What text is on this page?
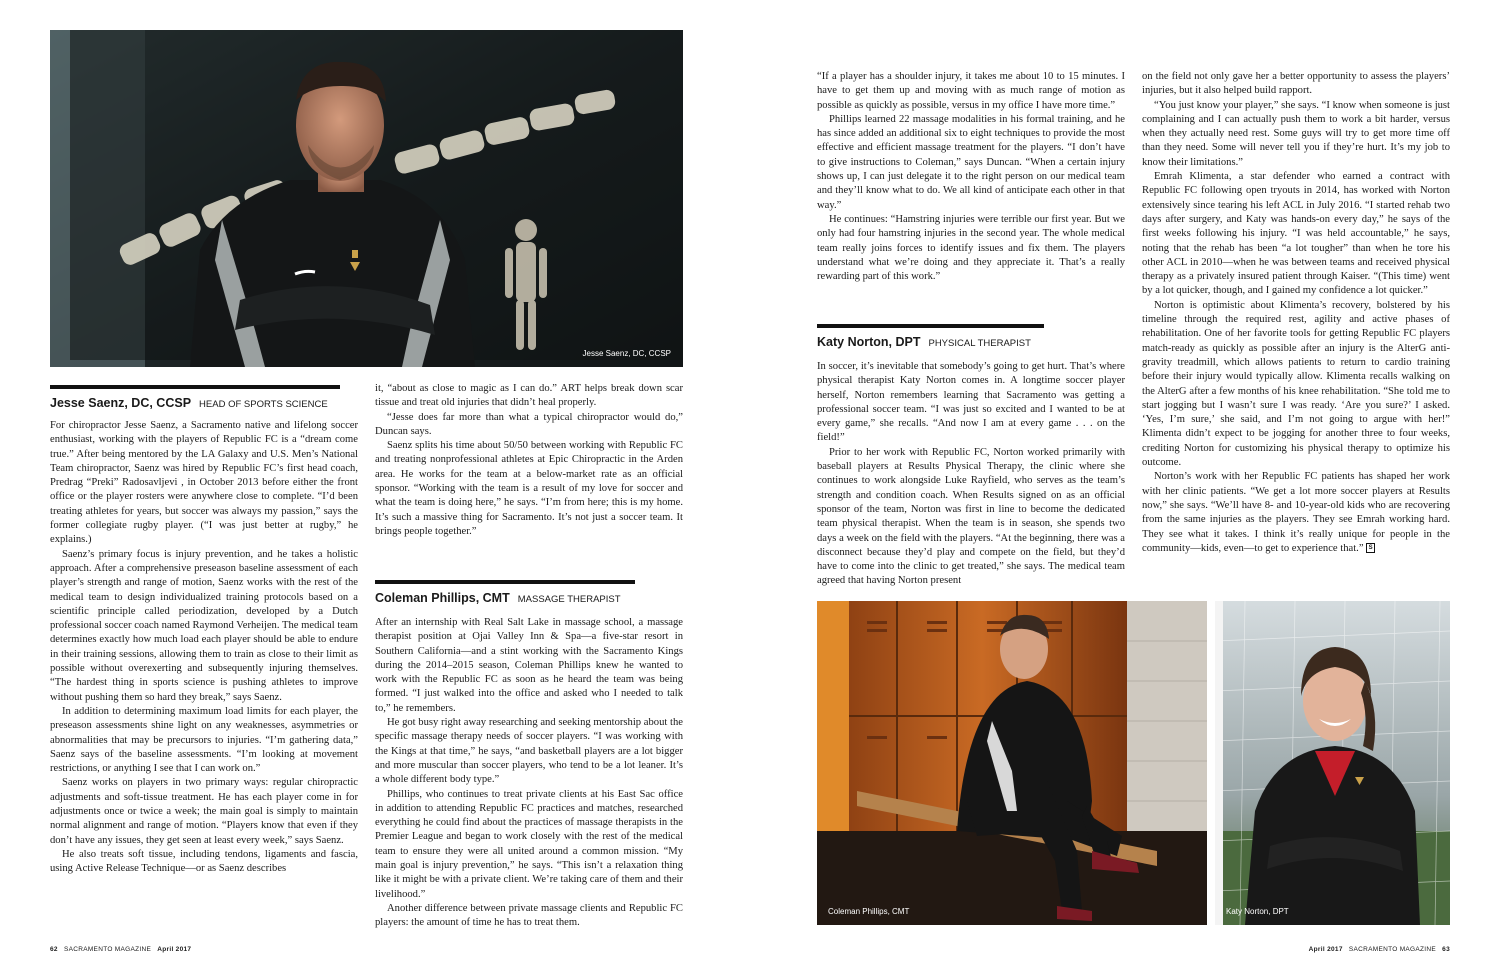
Jesse Saenz, DC, CCSP
Coleman Phillips, CMT	Katy Norton, DPT
Jesse Saenz, DC, CCSP HEAD OF SPORTS SCIENCE
Coleman Phillips, CMT MASSAGE THERAPIST
Katy Norton, DPT PHYSICAL THERAPIST

For chiropractor Jesse Saenz, a Sacramento native and lifelong soccer enthusiast, working with the players of Republic FC is a “dream come true.” After being mentored by the LA Galaxy and U.S. Men’s National Team chiropractor, Saenz was hired by Republic FC’s first head coach, Predrag “Preki” Radosavljevi , in October 2013 before either the front office or the player rosters were anywhere close to complete. “I’d been treating athletes for years, but soccer was always my passion,” says the former collegiate rugby player. (“I was just better at rugby,” he explains.)

Saenz’s primary focus is injury prevention, and he takes a holistic approach. After a comprehensive preseason baseline assessment of each player’s strength and range of motion, Saenz works with the rest of the medical team to design individualized training protocols based on a scientific principle called periodization, developed by a Dutch professional soccer coach named Raymond Verheijen. The medical team determines exactly how much load each player should be able to endure in their training sessions, allowing them to train as close to their limit as possible without overexerting and subsequently injuring themselves. “The hardest thing in sports science is pushing athletes to improve without pushing them so hard they break,” says Saenz.

In addition to determining maximum load limits for each player, the preseason assessments shine light on any weaknesses, asymmetries or abnormalities that may be precursors to injuries. “I’m gathering data,” Saenz says of the baseline assessments. “I’m looking at movement restrictions, or anything I see that I can work on.”

Saenz works on players in two primary ways: regular chiropractic adjustments and soft-tissue treatment. He has each player come in for adjustments once or twice a week; the main goal is simply to maintain normal alignment and range of motion. “Players know that even if they don’t have any issues, they get seen at least every week,” says Saenz.

He also treats soft tissue, including tendons, ligaments and fascia, using Active Release Technique—or as Saenz describes

it, “about as close to magic as I can do.” ART helps break down scar tissue and treat old injuries that didn’t heal properly.

“Jesse does far more than what a typical chiropractor would do,” Duncan says.

Saenz splits his time about 50/50 between working with Republic FC and treating nonprofessional athletes at Epic Chiropractic in the Arden area. He works for the team at a below-market rate as an official sponsor. “Working with the team is a result of my love for soccer and what the team is doing here,” he says. “I’m from here; this is my home. It’s such a massive thing for Sacramento. It’s not just a soccer team. It brings people together.”

After an internship with Real Salt Lake in massage school, a massage therapist position at Ojai Valley Inn & Spa—a five-star resort in Southern California—and a stint working with the Sacramento Kings during the 2014–2015 season, Coleman Phillips knew he wanted to work with the Republic FC as soon as he heard the team was being formed. “I just walked into the office and asked who I needed to talk to,” he remembers.

He got busy right away researching and seeking mentorship about the specific massage therapy needs of soccer players. “I was working with the Kings at that time,” he says, “and basketball players are a lot bigger and more muscular than soccer players, who tend to be a lot leaner. It’s a whole different body type.”

Phillips, who continues to treat private clients at his East Sac office in addition to attending Republic FC practices and matches, researched everything he could find about the practices of massage therapists in the Premier League and began to work closely with the rest of the medical team to ensure they were all united around a common mission. “My main goal is injury prevention,” he says. “This isn’t a relaxation thing like it might be with a private client. We’re taking care of them and their livelihood.”

Another difference between private massage clients and Republic FC players: the amount of time he has to treat them.

“If a player has a shoulder injury, it takes me about 10 to 15 minutes. I have to get them up and moving with as much range of motion as possible as quickly as possible, versus in my office I have more time.”

Phillips learned 22 massage modalities in his formal training, and he has since added an additional six to eight techniques to provide the most effective and efficient massage treatment for the players. “I don’t have to give instructions to Coleman,” says Duncan. “When a certain injury shows up, I can just delegate it to the right person on our medical team and they’ll know what to do. We all kind of anticipate each other in that way.”

He continues: “Hamstring injuries were terrible our first year. But we only had four hamstring injuries in the second year. The whole medical team really joins forces to identify issues and fix them. The players understand what we’re doing and they appreciate it. That’s a really rewarding part of this work.”

In soccer, it’s inevitable that somebody’s going to get hurt. That’s where physical therapist Katy Norton comes in. A longtime soccer player herself, Norton remembers learning that Sacramento was getting a professional soccer team. “I was just so excited and I wanted to be at every game,” she recalls. “And now I am at every game . . . on the field!”

Prior to her work with Republic FC, Norton worked primarily with baseball players at Results Physical Therapy, the clinic where she continues to work alongside Luke Rayfield, who serves as the team’s strength and condition coach. When Results signed on as an official sponsor of the team, Norton was first in line to become the dedicated team physical therapist. When the team is in season, she spends two days a week on the field with the players. “At the beginning, there was a disconnect because they’d play and compete on the field, but they’d have to come into the clinic to get treated,” she says. The medical team agreed that having Norton present

on the field not only gave her a better opportunity to assess the players’ injuries, but it also helped build rapport.

“You just know your player,” she says. “I know when someone is just complaining and I can actually push them to work a bit harder, versus when they actually need rest. Some guys will try to get more time off than they need. Some will never tell you if they’re hurt. It’s my job to know their limitations.”

Emrah Klimenta, a star defender who earned a contract with Republic FC following open tryouts in 2014, has worked with Norton extensively since tearing his left ACL in July 2016. “I started rehab two days after surgery, and Katy was hands-on every day,” he says of the first weeks following his injury. “I was held accountable,” he says, noting that the rehab has been “a lot tougher” than when he tore his other ACL in 2010—when he was between teams and received physical therapy as a privately insured patient through Kaiser. “(This time) went by a lot quicker, though, and I gained my confidence a lot quicker.”

Norton is optimistic about Klimenta’s recovery, bolstered by his timeline through the required rest, agility and active phases of rehabilitation. One of her favorite tools for getting Republic FC players match-ready as quickly as possible after an injury is the AlterG anti-gravity treadmill, which allows patients to return to cardio training before their injury would typically allow. Klimenta recalls walking on the AlterG after a few months of his knee rehabilitation. “She told me to start jogging but I wasn’t sure I was ready. ‘Are you sure?’ I asked. ‘Yes, I’m sure,’ she said, and I’m not going to argue with her!” Klimenta didn’t expect to be jogging for another three to four weeks, crediting Norton for customizing his physical therapy to optimize his outcome.

Norton’s work with her Republic FC patients has shaped her work with her clinic patients. “We get a lot more soccer players at Results now,” she says. “We’ll have 8- and 10-year-old kids who are recovering from the same injuries as the players. They see Emrah working hard. They see what it takes. I think it’s really unique for people in the community—kids, even—to get to experience that.” S

62 SACRAMENTO MAGAZINE April 2017	April 2017 SACRAMENTO MAGAZINE 63
